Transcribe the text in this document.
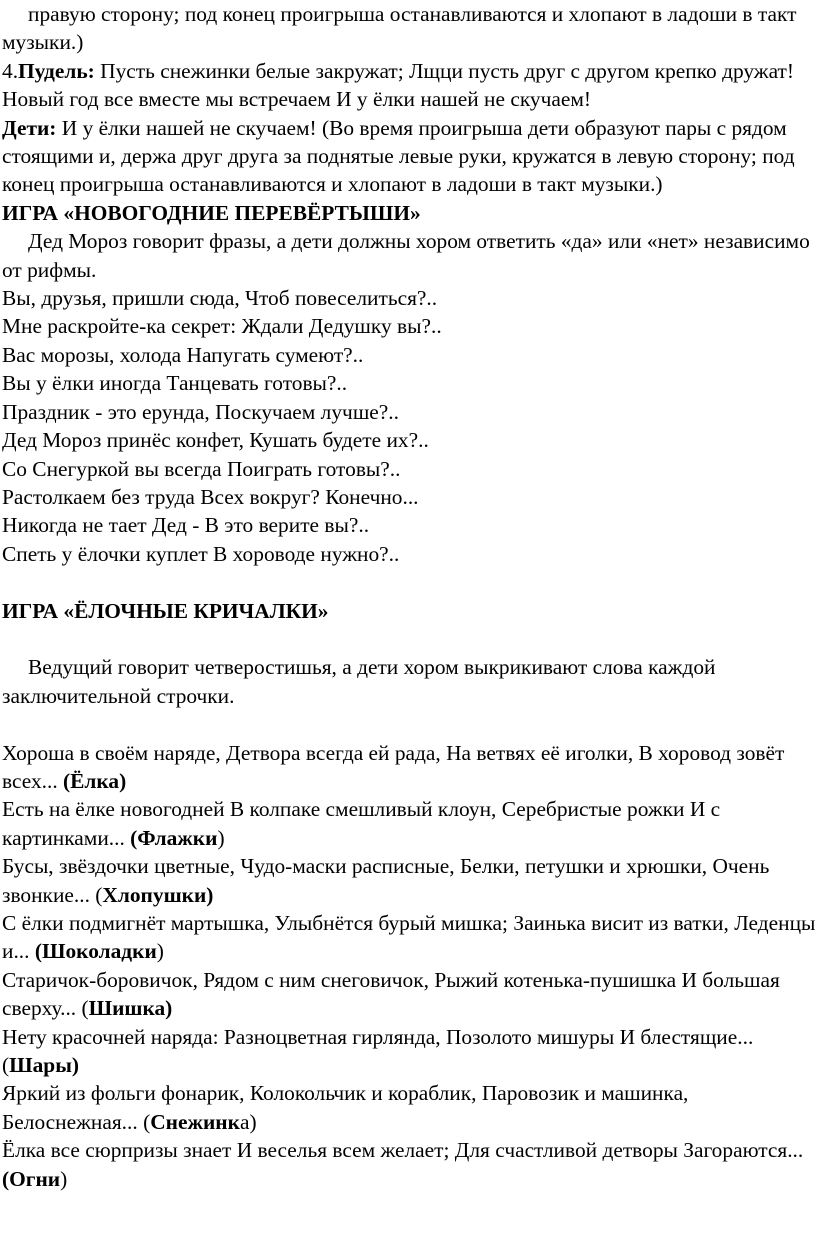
правую сторону; под конец проигрыша останавливаются и хлопают в ладоши в такт музыки.)

4.Пудель: Пусть снежинки белые закружат; Лщци пусть друг с другом крепко дружат! Новый год все вместе мы встречаем И у ёлки нашей не скучаем!

Дети: И у ёлки нашей не скучаем! (Во время проигрыша дети образуют пары с рядом стоящими и, держа друг друга за поднятые левые руки, кружатся в левую сторону; под конец проигрыша останавливаются и хлопают в ладоши в такт музыки.)

ИГРА «НОВОГОДНИЕ ПЕРЕВЁРТЫШИ»

Дед Мороз говорит фразы, а дети должны хором ответить «да» или «нет» независимо от рифмы.

Вы, друзья, пришли сюда, Чтоб повеселиться?..

Мне раскройте-ка секрет: Ждали Дедушку вы?..

Вас морозы, холода Напугать сумеют?..

Вы у ёлки иногда Танцевать готовы?..

Праздник - это ерунда, Поскучаем лучше?..

Дед Мороз принёс конфет, Кушать будете их?..

Со Снегуркой вы всегда Поиграть готовы?..

Растолкаем без труда Всех вокруг? Конечно...

Никогда не тает Дед - В это верите вы?..

Спеть у ёлочки куплет В хороводе нужно?..

ИГРА «ЁЛОЧНЫЕ КРИЧАЛКИ»

Ведущий говорит четверостишья, а дети хором выкрикивают слова каждой заключительной строчки.

Хороша в своём наряде, Детвора всегда ей рада, На ветвях её иголки, В хоровод зовёт всех... (Ёлка)

Есть на ёлке новогодней В колпаке смешливый клоун, Серебристые рожки И с картинками... (Флажки)

Бусы, звёздочки цветные, Чудо-маски расписные, Белки, петушки и хрюшки, Очень звонкие... (Хлопушки)

С ёлки подмигнёт мартышка, Улыбнётся бурый мишка; Заинька висит из ватки, Леденцы и... (Шоколадки)

Старичок-боровичок, Рядом с ним снеговичок, Рыжий котенька-пушишка И большая сверху... (Шишка)

Нету красочней наряда: Разноцветная гирлянда, Позолото мишуры И блестящие... (Шары)

Яркий из фольги фонарик, Колокольчик и кораблик, Паровозик и машинка, Белоснежная... (Снежинка)

Ёлка все сюрпризы знает И веселья всем желает; Для счастливой детворы Загораются... (Огни)
